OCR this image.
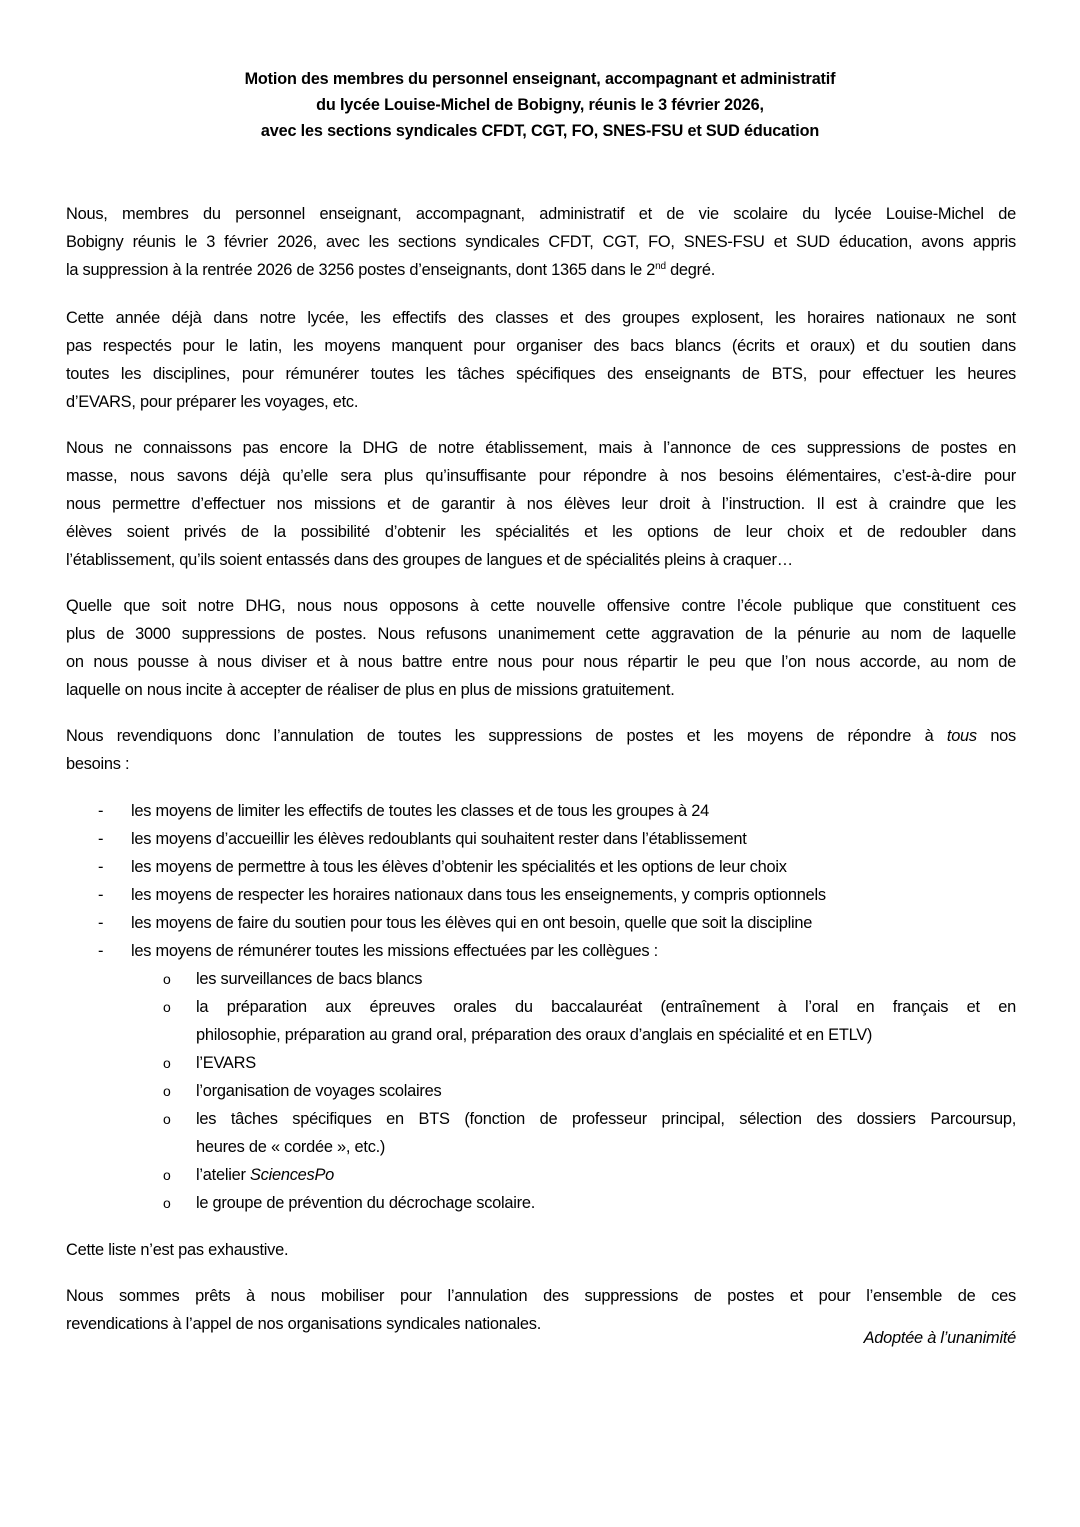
Motion des membres du personnel enseignant, accompagnant et administratif
du lycée Louise-Michel de Bobigny, réunis le 3 février 2026,
avec les sections syndicales CFDT, CGT, FO, SNES-FSU et SUD éducation

Nous, membres du personnel enseignant, accompagnant, administratif et de vie scolaire du lycée Louise-Michel de
Bobigny réunis le 3 février 2026, avec les sections syndicales CFDT, CGT, FO, SNES-FSU et SUD éducation, avons appris
la suppression à la rentrée 2026 de 3256 postes d’enseignants, dont 1365 dans le 2nd degré.

Cette année déjà dans notre lycée, les effectifs des classes et des groupes explosent, les horaires nationaux ne sont
pas respectés pour le latin, les moyens manquent pour organiser des bacs blancs (écrits et oraux) et du soutien dans
toutes les disciplines, pour rémunérer toutes les tâches spécifiques des enseignants de BTS, pour effectuer les heures
d’EVARS, pour préparer les voyages, etc.

Nous ne connaissons pas encore la DHG de notre établissement, mais à l’annonce de ces suppressions de postes en
masse, nous savons déjà qu’elle sera plus qu’insuffisante pour répondre à nos besoins élémentaires, c’est-à-dire pour
nous permettre d’effectuer nos missions et de garantir à nos élèves leur droit à l’instruction. Il est à craindre que les
élèves soient privés de la possibilité d’obtenir les spécialités et les options de leur choix et de redoubler dans
l’établissement, qu’ils soient entassés dans des groupes de langues et de spécialités pleins à craquer…

Quelle que soit notre DHG, nous nous opposons à cette nouvelle offensive contre l’école publique que constituent ces
plus de 3000 suppressions de postes. Nous refusons unanimement cette aggravation de la pénurie au nom de laquelle
on nous pousse à nous diviser et à nous battre entre nous pour nous répartir le peu que l’on nous accorde, au nom de
laquelle on nous incite à accepter de réaliser de plus en plus de missions gratuitement.

Nous revendiquons donc l’annulation de toutes les suppressions de postes et les moyens de répondre à tous nos
besoins :

- les moyens de limiter les effectifs de toutes les classes et de tous les groupes à 24
- les moyens d’accueillir les élèves redoublants qui souhaitent rester dans l’établissement
- les moyens de permettre à tous les élèves d’obtenir les spécialités et les options de leur choix
- les moyens de respecter les horaires nationaux dans tous les enseignements, y compris optionnels
- les moyens de faire du soutien pour tous les élèves qui en ont besoin, quelle que soit la discipline
- les moyens de rémunérer toutes les missions effectuées par les collègues :
o les surveillances de bacs blancs
o la préparation aux épreuves orales du baccalauréat (entraînement à l’oral en français et en
philosophie, préparation au grand oral, préparation des oraux d’anglais en spécialité et en ETLV)
o l’EVARS
o l’organisation de voyages scolaires
o les tâches spécifiques en BTS (fonction de professeur principal, sélection des dossiers Parcoursup,
heures de « cordée », etc.)
o l’atelier SciencesPo
o le groupe de prévention du décrochage scolaire.

Cette liste n’est pas exhaustive.

Nous sommes prêts à nous mobiliser pour l’annulation des suppressions de postes et pour l’ensemble de ces
revendications à l’appel de nos organisations syndicales nationales.

Adoptée à l’unanimité
